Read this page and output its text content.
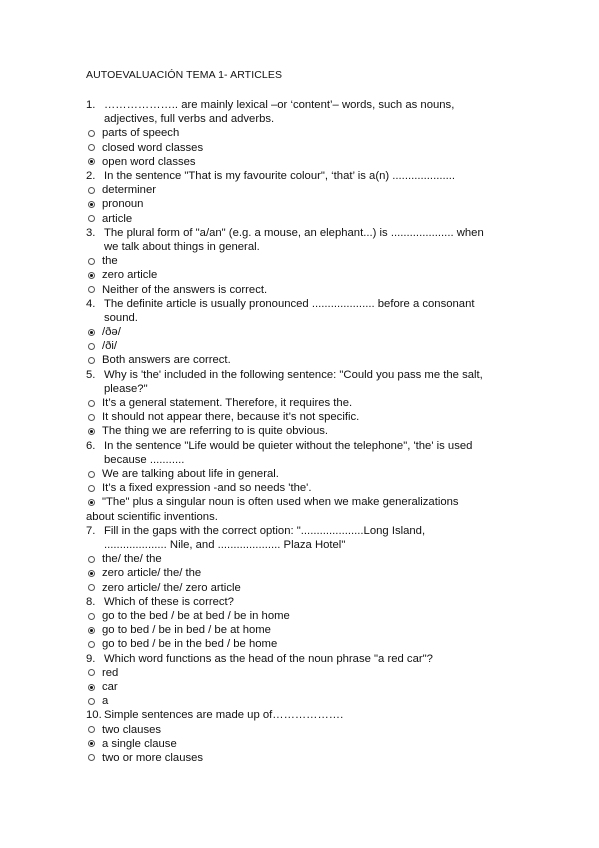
AUTOEVALUACIÓN TEMA 1- ARTICLES
1. ……………….. are mainly lexical –or ‘content’– words, such as nouns,
adjectives, full verbs and adverbs.
parts of speech
closed word classes
open word classes
2. In the sentence "That is my favourite colour", ‘that’ is a(n) ....................
determiner
pronoun
article
3. The plural form of "a/an" (e.g. a mouse, an elephant...) is .................... when
we talk about things in general.
the
zero article
Neither of the answers is correct.
4. The definite article is usually pronounced .................... before a consonant
sound.
/ðə/
/ði/
Both answers are correct.
5. Why is 'the' included in the following sentence: "Could you pass me the salt,
please?"
It’s a general statement. Therefore, it requires the.
It should not appear there, because it’s not specific.
The thing we are referring to is quite obvious.
6. In the sentence "Life would be quieter without the telephone", 'the' is used
because ...........
We are talking about life in general.
It’s a fixed expression -and so needs 'the'.
"The" plus a singular noun is often used when we make generalizations
about scientific inventions.
7. Fill in the gaps with the correct option: "....................Long Island,
.................... Nile, and .................... Plaza Hotel"
the/ the/ the
zero article/ the/ the
zero article/ the/ zero article
8. Which of these is correct?
go to the bed / be at bed / be in home
go to bed / be in bed / be at home
go to bed / be in the bed / be home
9. Which word functions as the head of the noun phrase "a red car"?
red
car
a
10. Simple sentences are made up of……………….
two clauses
a single clause
two or more clauses
